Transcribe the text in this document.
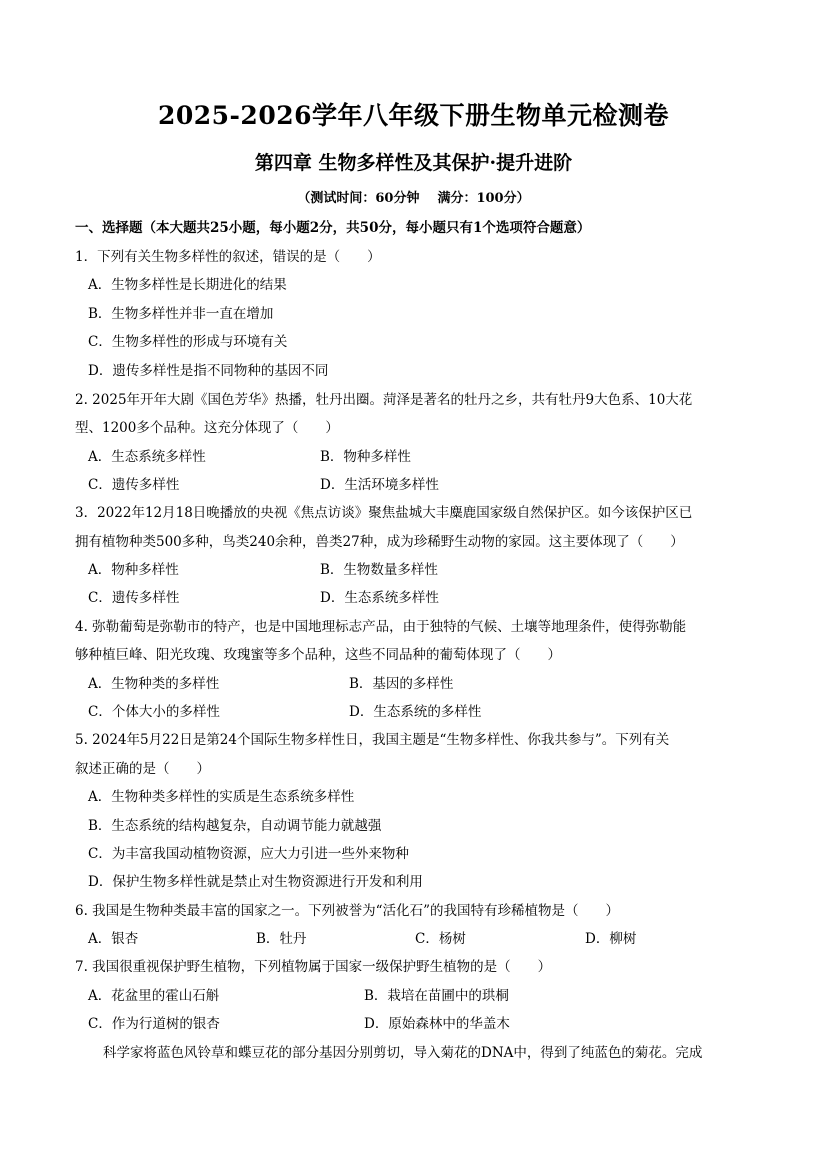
2025-2026学年八年级下册生物单元检测卷
第四章 生物多样性及其保护·提升进阶
（测试时间：60分钟 满分：100分）
一、选择题（本大题共25小题，每小题2分，共50分，每小题只有1个选项符合题意）
1．下列有关生物多样性的叙述，错误的是（　　）
A．生物多样性是长期进化的结果
B．生物多样性并非一直在增加
C．生物多样性的形成与环境有关
D．遗传多样性是指不同物种的基因不同
2. 2025年开年大剧《国色芳华》热播，牡丹出圈。菏泽是著名的牡丹之乡，共有牡丹9大色系、10大花
型、1200多个品种。这充分体现了（　　）
A．生态系统多样性	B．物种多样性
C．遗传多样性	D．生活环境多样性
3．2022年12月18日晚播放的央视《焦点访谈》聚焦盐城大丰麋鹿国家级自然保护区。如今该保护区已
拥有植物种类500多种，鸟类240余种，兽类27种，成为珍稀野生动物的家园。这主要体现了（　　）
A．物种多样性	B．生物数量多样性
C．遗传多样性	D．生态系统多样性
4. 弥勒葡萄是弥勒市的特产，也是中国地理标志产品，由于独特的气候、土壤等地理条件，使得弥勒能
够种植巨峰、阳光玫瑰、玫瑰蜜等多个品种，这些不同品种的葡萄体现了（　　）
A．生物种类的多样性	B．基因的多样性
C．个体大小的多样性	D．生态系统的多样性
5. 2024年5月22日是第24个国际生物多样性日，我国主题是“生物多样性、你我共参与”。下列有关
叙述正确的是（　　）
A．生物种类多样性的实质是生态系统多样性
B．生态系统的结构越复杂，自动调节能力就越强
C．为丰富我国动植物资源，应大力引进一些外来物种
D．保护生物多样性就是禁止对生物资源进行开发和利用
6. 我国是生物种类最丰富的国家之一。下列被誉为“活化石”的我国特有珍稀植物是（　　）
A．银杏	B．牡丹	C．杨树	D．柳树
7. 我国很重视保护野生植物，下列植物属于国家一级保护野生植物的是（　　）
A．花盆里的霍山石斛	B．栽培在苗圃中的珙桐
C．作为行道树的银杏	D．原始森林中的华盖木
科学家将蓝色风铃草和蝶豆花的部分基因分别剪切，导入菊花的DNA中，得到了纯蓝色的菊花。完成
